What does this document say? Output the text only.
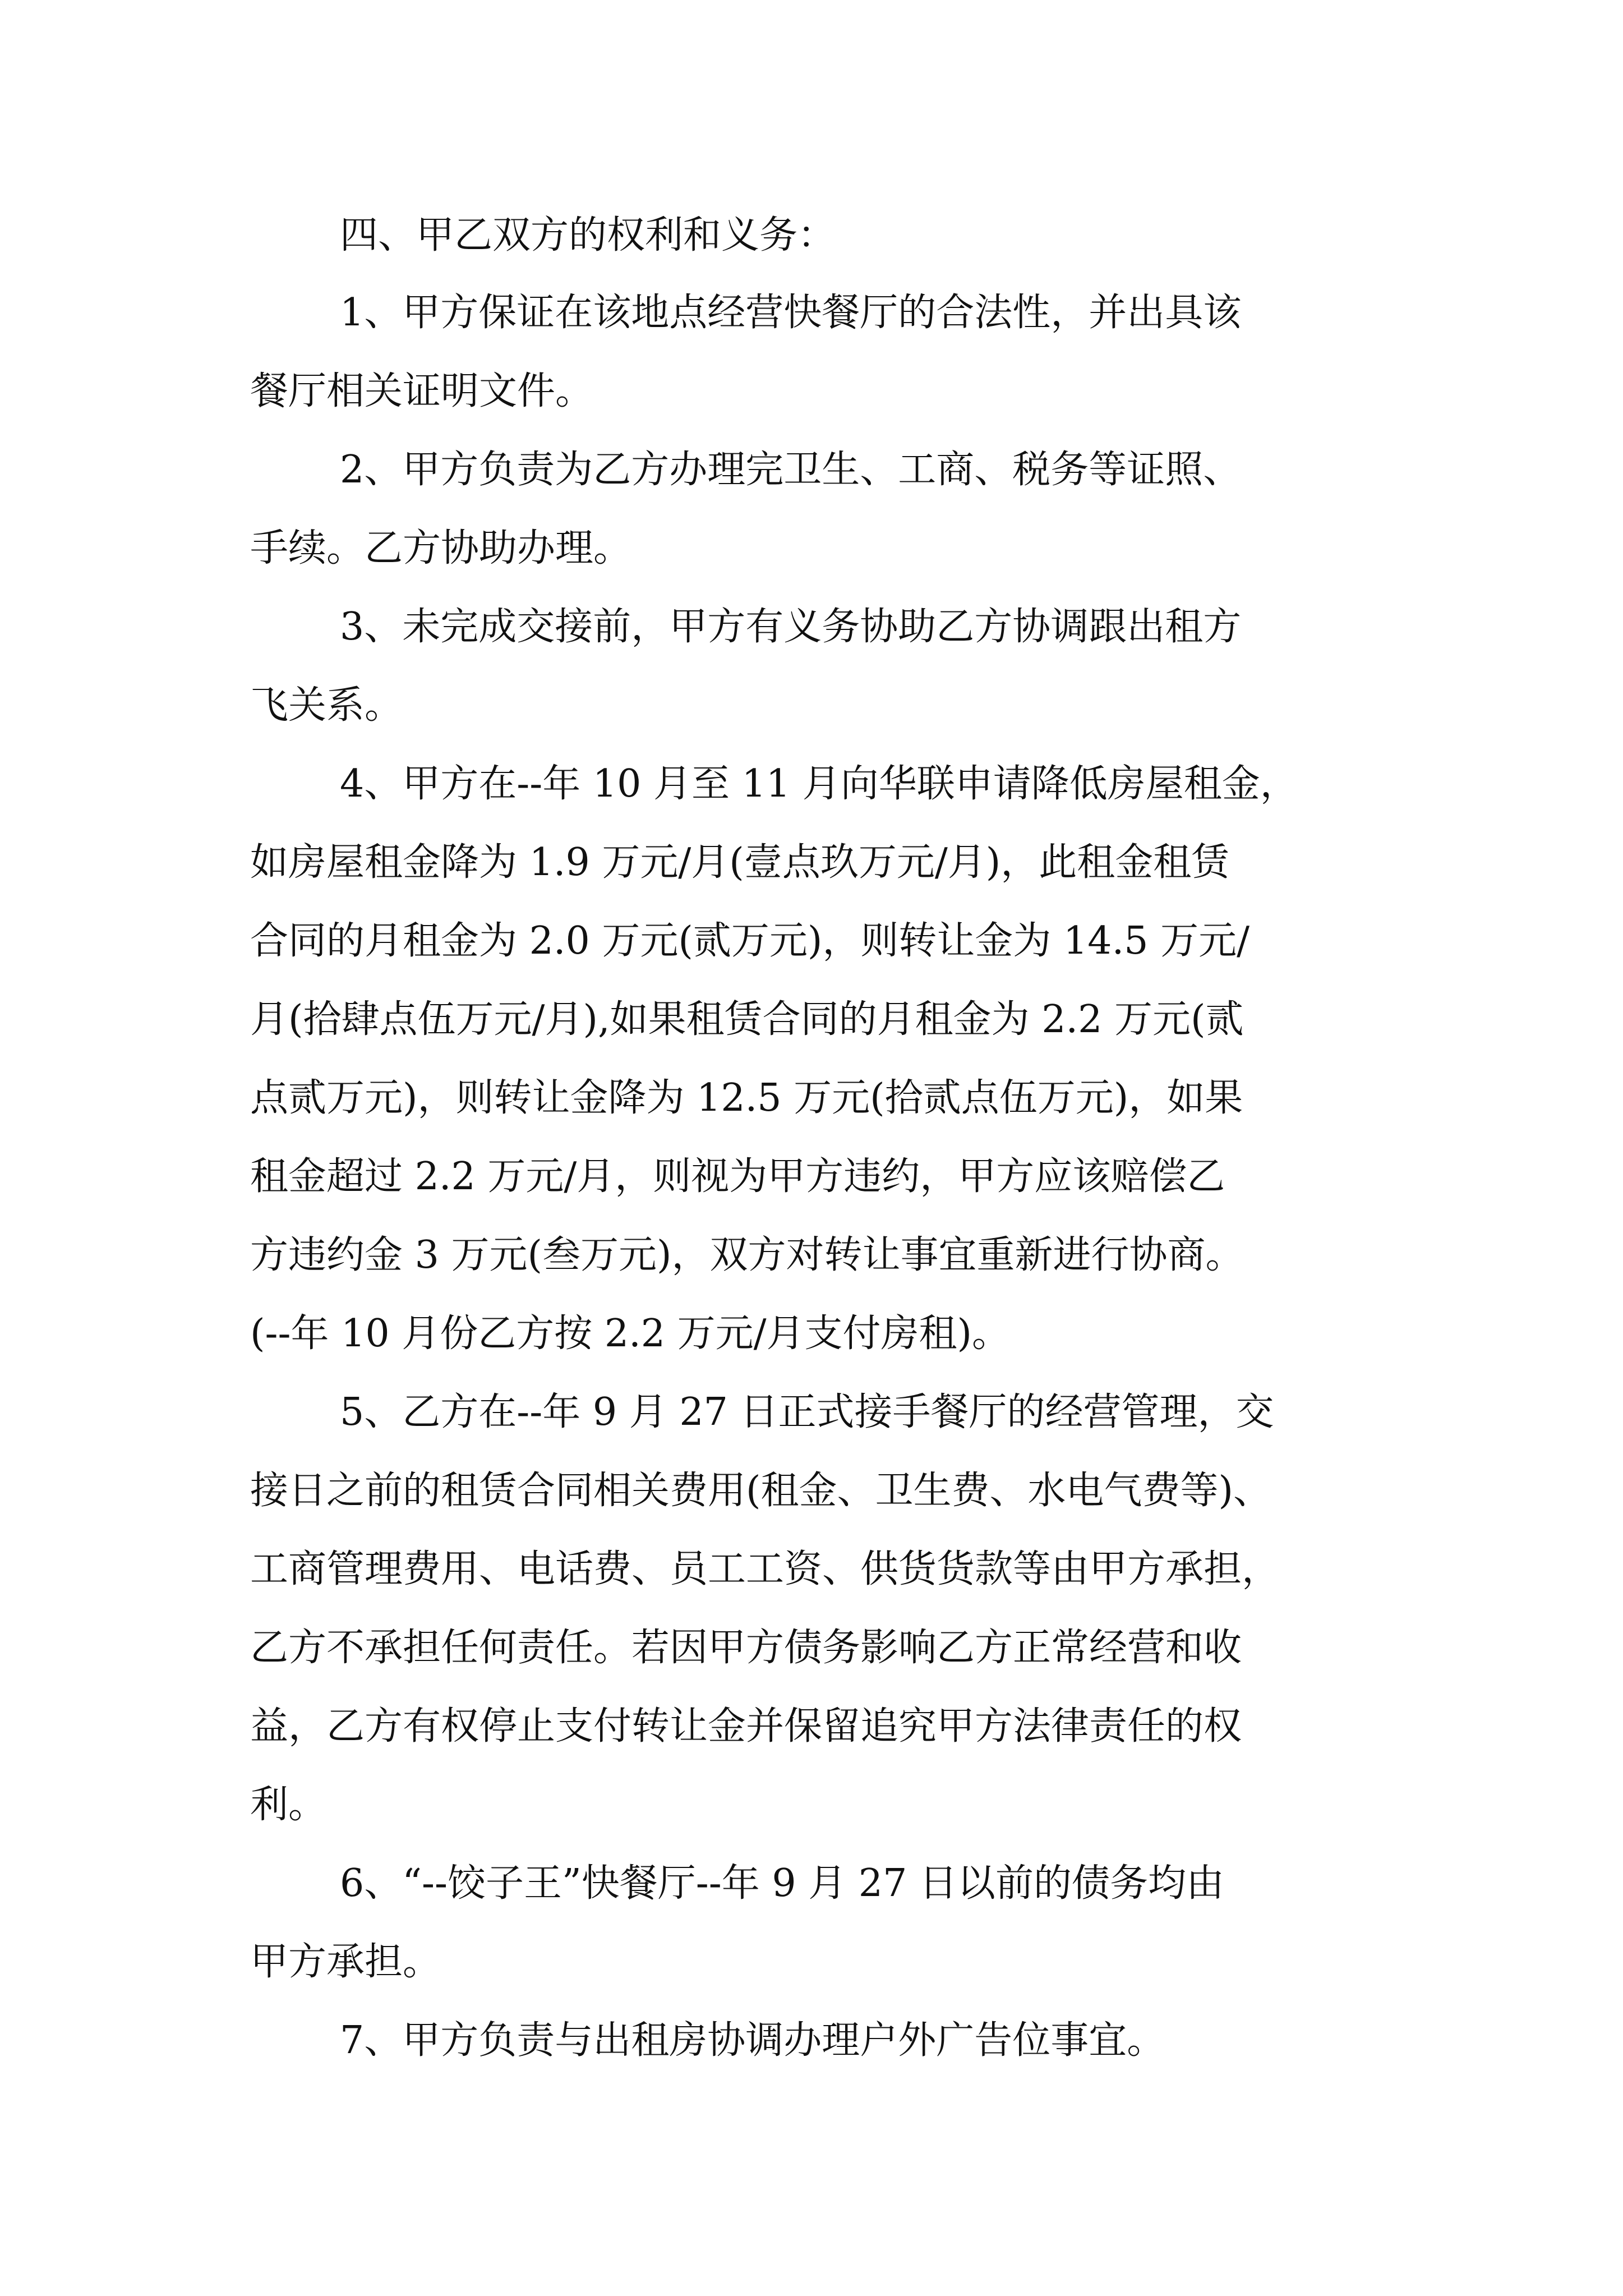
四、甲乙双方的权利和义务：
1、甲方保证在该地点经营快餐厅的合法性，并出具该
餐厅相关证明文件。
2、甲方负责为乙方办理完卫生、工商、税务等证照、
手续。乙方协助办理。
3、未完成交接前，甲方有义务协助乙方协调跟出租方
飞关系。
4、甲方在--年 10 月至 11 月向华联申请降低房屋租金，
如房屋租金降为 1.9 万元/月(壹点玖万元/月)，此租金租赁
合同的月租金为 2.0 万元(贰万元)，则转让金为 14.5 万元/
月(拾肆点伍万元/月),如果租赁合同的月租金为 2.2 万元(贰
点贰万元)，则转让金降为 12.5 万元(拾贰点伍万元)，如果
租金超过 2.2 万元/月，则视为甲方违约，甲方应该赔偿乙
方违约金 3 万元(叁万元)，双方对转让事宜重新进行协商。
(--年 10 月份乙方按 2.2 万元/月支付房租)。
5、乙方在--年 9 月 27 日正式接手餐厅的经营管理，交
接日之前的租赁合同相关费用(租金、卫生费、水电气费等)、
工商管理费用、电话费、员工工资、供货货款等由甲方承担，
乙方不承担任何责任。若因甲方债务影响乙方正常经营和收
益，乙方有权停止支付转让金并保留追究甲方法律责任的权
利。
6、“--饺子王”快餐厅--年 9 月 27 日以前的债务均由
甲方承担。
7、甲方负责与出租房协调办理户外广告位事宜。
